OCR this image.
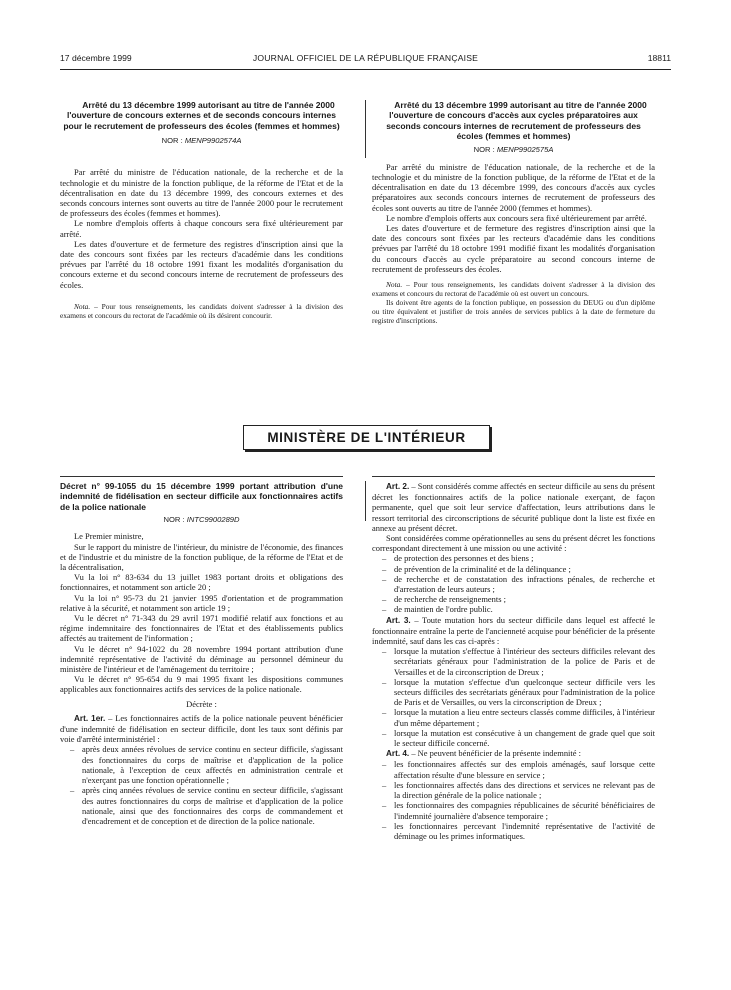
17 décembre 1999	JOURNAL OFFICIEL DE LA RÉPUBLIQUE FRANÇAISE	18811

Arrêté du 13 décembre 1999 autorisant au titre de l'année 2000 l'ouverture de concours externes et de seconds concours internes pour le recrutement de professeurs des écoles (femmes et hommes)

NOR : MENP9902574A

Par arrêté du ministre de l'éducation nationale, de la recherche et de la technologie et du ministre de la fonction publique, de la réforme de l'Etat et de la décentralisation en date du 13 décembre 1999, des concours externes et des seconds concours internes sont ouverts au titre de l'année 2000 pour le recrutement de professeurs des écoles (femmes et hommes).

Le nombre d'emplois offerts à chaque concours sera fixé ultérieurement par arrêté.

Les dates d'ouverture et de fermeture des registres d'inscription ainsi que la date des concours sont fixées par les recteurs d'académie dans les conditions prévues par l'arrêté du 18 octobre 1991 fixant les modalités d'organisation du concours externe et du second concours interne de recrutement de professeurs des écoles.

Nota. – Pour tous renseignements, les candidats doivent s'adresser à la division des examens et concours du rectorat de l'académie où ils désirent concourir.

Arrêté du 13 décembre 1999 autorisant au titre de l'année 2000 l'ouverture de concours d'accès aux cycles préparatoires aux seconds concours internes de recrutement de professeurs des écoles (femmes et hommes)

NOR : MENP9902575A

Par arrêté du ministre de l'éducation nationale, de la recherche et de la technologie et du ministre de la fonction publique, de la réforme de l'Etat et de la décentralisation en date du 13 décembre 1999, des concours d'accès aux cycles préparatoires aux seconds concours internes de recrutement de professeurs des écoles sont ouverts au titre de l'année 2000 (femmes et hommes).

Le nombre d'emplois offerts aux concours sera fixé ultérieurement par arrêté.

Les dates d'ouverture et de fermeture des registres d'inscription ainsi que la date des concours sont fixées par les recteurs d'académie dans les conditions prévues par l'arrêté du 18 octobre 1991 modifié fixant les modalités d'organisation du concours d'accès au cycle préparatoire au second concours interne de recrutement de professeurs des écoles.

Nota. – Pour tous renseignements, les candidats doivent s'adresser à la division des examens et concours du rectorat de l'académie où est ouvert un concours.

Ils doivent être agents de la fonction publique, en possession du DEUG ou d'un diplôme ou titre équivalent et justifier de trois années de services publics à la date de fermeture du registre d'inscriptions.

MINISTÈRE DE L'INTÉRIEUR

Décret n° 99-1055 du 15 décembre 1999 portant attribution d'une indemnité de fidélisation en secteur difficile aux fonctionnaires actifs de la police nationale

NOR : INTC9900289D

Le Premier ministre,

Sur le rapport du ministre de l'intérieur, du ministre de l'économie, des finances et de l'industrie et du ministre de la fonction publique, de la réforme de l'Etat et de la décentralisation,

Vu la loi n° 83-634 du 13 juillet 1983 portant droits et obligations des fonctionnaires, et notamment son article 20 ;

Vu la loi n° 95-73 du 21 janvier 1995 d'orientation et de programmation relative à la sécurité, et notamment son article 19 ;

Vu le décret n° 71-343 du 29 avril 1971 modifié relatif aux fonctions et au régime indemnitaire des fonctionnaires de l'Etat et des établissements publics affectés au traitement de l'information ;

Vu le décret n° 94-1022 du 28 novembre 1994 portant attribution d'une indemnité représentative de l'activité du déminage au personnel démineur du ministère de l'intérieur et de l'aménagement du territoire ;

Vu le décret n° 95-654 du 9 mai 1995 fixant les dispositions communes applicables aux fonctionnaires actifs des services de la police nationale.

Décrète :

Art. 1er. – Les fonctionnaires actifs de la police nationale peuvent bénéficier d'une indemnité de fidélisation en secteur difficile, dont les taux sont définis par voie d'arrêté interministériel :

– après deux années révolues de service continu en secteur difficile, s'agissant des fonctionnaires du corps de maîtrise et d'application de la police nationale, à l'exception de ceux affectés en administration centrale et n'exerçant pas une fonction opérationnelle ;
– après cinq années révolues de service continu en secteur difficile, s'agissant des autres fonctionnaires du corps de maîtrise et d'application de la police nationale, ainsi que des fonctionnaires des corps de commandement et d'encadrement et de conception et de direction de la police nationale.

Art. 2. – Sont considérés comme affectés en secteur difficile au sens du présent décret les fonctionnaires actifs de la police nationale exerçant, de façon permanente, quel que soit leur service d'affectation, leurs attributions dans le ressort territorial des circonscriptions de sécurité publique dont la liste est fixée en annexe au présent décret.

Sont considérées comme opérationnelles au sens du présent décret les fonctions correspondant directement à une mission ou une activité :

– de protection des personnes et des biens ;
– de prévention de la criminalité et de la délinquance ;
– de recherche et de constatation des infractions pénales, de recherche et d'arrestation de leurs auteurs ;
– de recherche de renseignements ;
– de maintien de l'ordre public.

Art. 3. – Toute mutation hors du secteur difficile dans lequel est affecté le fonctionnaire entraîne la perte de l'ancienneté acquise pour bénéficier de la présente indemnité, sauf dans les cas ci-après :

– lorsque la mutation s'effectue à l'intérieur des secteurs difficiles relevant des secrétariats généraux pour l'administration de la police de Paris et de Versailles et de la circonscription de Dreux ;
– lorsque la mutation s'effectue d'un quelconque secteur difficile vers les secteurs difficiles des secrétariats généraux pour l'administration de la police de Paris et de Versailles, ou vers la circonscription de Dreux ;
– lorsque la mutation a lieu entre secteurs classés comme difficiles, à l'intérieur d'un même département ;
– lorsque la mutation est consécutive à un changement de grade quel que soit le secteur difficile concerné.

Art. 4. – Ne peuvent bénéficier de la présente indemnité :

– les fonctionnaires affectés sur des emplois aménagés, sauf lorsque cette affectation résulte d'une blessure en service ;
– les fonctionnaires affectés dans des directions et services ne relevant pas de la direction générale de la police nationale ;
– les fonctionnaires des compagnies républicaines de sécurité bénéficiaires de l'indemnité journalière d'absence temporaire ;
– les fonctionnaires percevant l'indemnité représentative de l'activité de déminage ou les primes informatiques.
